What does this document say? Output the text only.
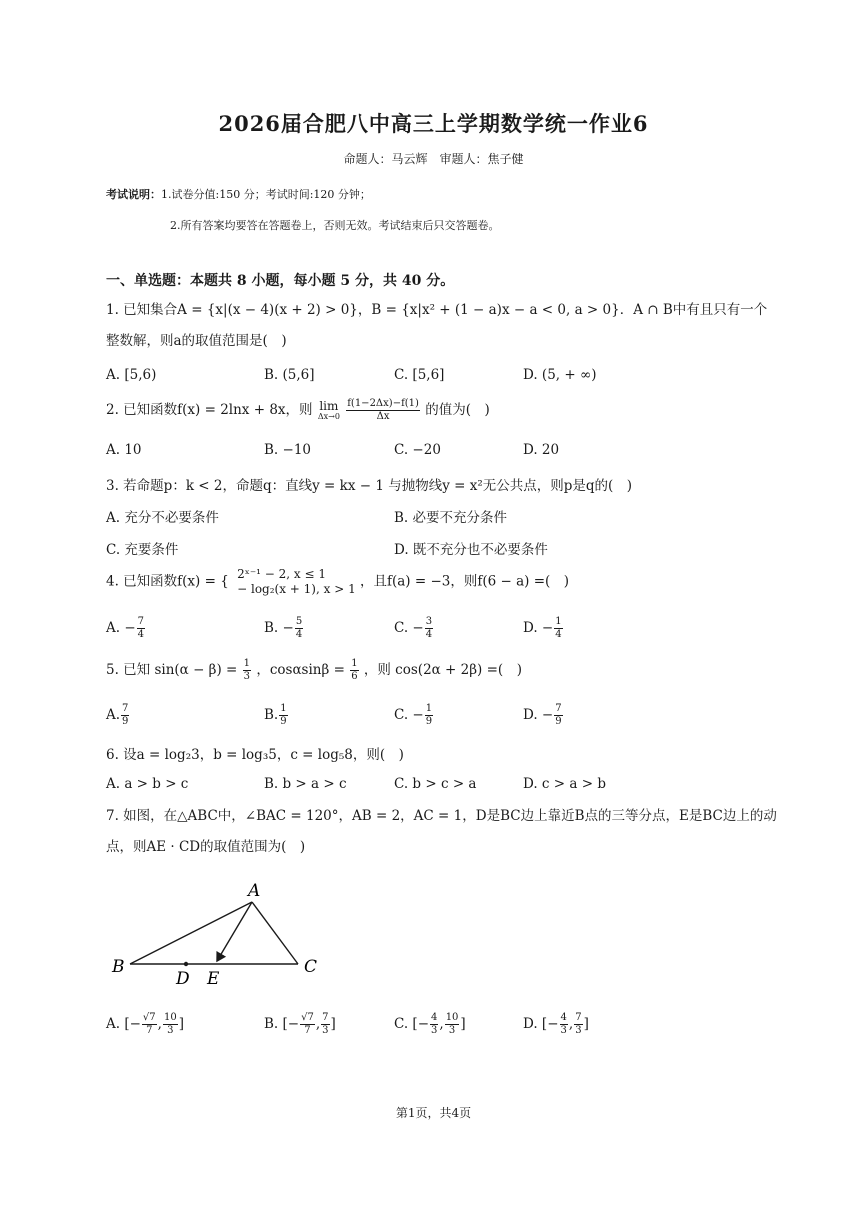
2026届合肥八中高三上学期数学统一作业6
命题人：马云辉　审题人：焦子健
考试说明：1.试卷分值:150 分；考试时间:120 分钟；
2.所有答案均要答在答题卷上，否则无效。考试结束后只交答题卷。
一、单选题：本题共 8 小题，每小题 5 分，共 40 分。
1. 已知集合A = {x|(x − 4)(x + 2) > 0}，B = {x|x² + (1 − a)x − a < 0, a > 0}．A ∩ B中有且只有一个整数解，则a的取值范围是(　)
A. [5,6)	B. (5,6]	C. [5,6]	D. (5, + ∞)
2. 已知函数f(x) = 2lnx + 8x，则 lim
Δx→0
$\frac{f(1-2\Delta x)-f(1)}{\Delta x}$ 的值为(　)
A. 10	B. −10	C. −20	D. 20
3. 若命题p：k < 2，命题q：直线y = kx − 1 与抛物线y = x²无公共点，则p是q的(　)
A. 充分不必要条件	B. 必要不充分条件
C. 充要条件	D. 既不充分也不必要条件
4. 已知函数f(x) = { 2ˣ⁻¹ − 2, x ≤ 1
− log₂(x + 1), x > 1 ，且f(a) = −3，则f(6 − a) =(　)
A. − $\frac{7}{4}$	B. − $\frac{5}{4}$	C. − $\frac{3}{4}$	D. − $\frac{1}{4}$
5. 已知 $\sin(\alpha - \beta) = \frac{1}{3}$ ，$\cos\alpha\sin\beta = \frac{1}{6}$ ，则 cos(2α + 2β) =(　)
A. $\frac{7}{9}$	B. $\frac{1}{9}$	C. − $\frac{1}{9}$	D. − $\frac{7}{9}$
6. 设a = log₂3，b = log₃5，c = log₅8，则(　)
A. a > b > c	B. b > a > c	C. b > c > a	D. c > a > b
7. 如图，在△ABC中，∠BAC = 120°，AB = 2，AC = 1，D是BC边上靠近B点的三等分点，E是BC边上的动点，则AE · CD的取值范围为(　)
A
B	C
D E
A. [− $\frac{√7}{7}$ , $\frac{10}{3}$ ]	B. [− $\frac{√7}{7}$ , $\frac{7}{3}$ ]	C. [− $\frac{4}{3}$ , $\frac{10}{3}$ ]	D. [− $\frac{4}{3}$ , $\frac{7}{3}$ ]
第1页，共4页
